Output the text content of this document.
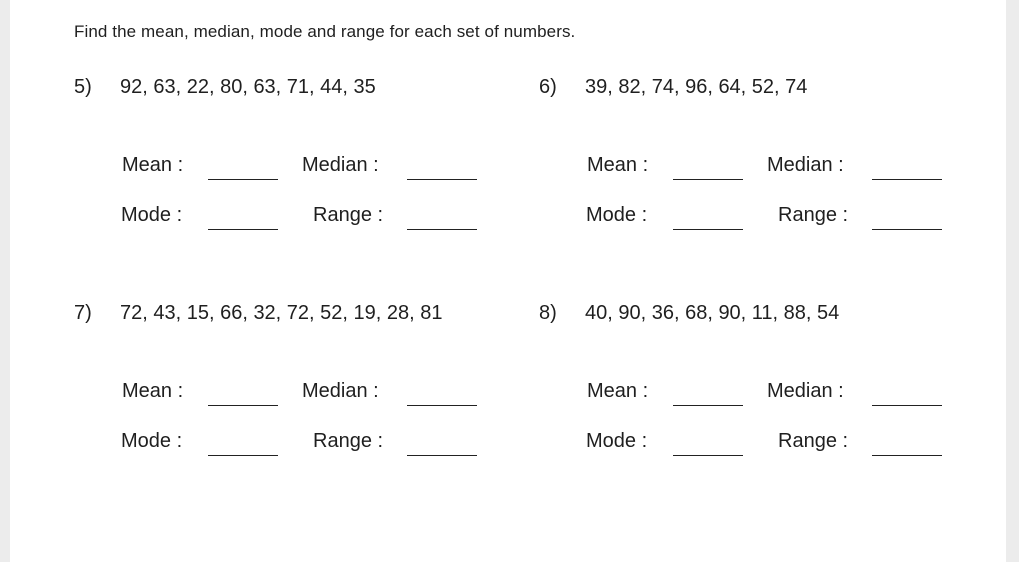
Find the mean, median, mode and range for each set of numbers.
5) 92, 63, 22, 80, 63, 71, 44, 35
Mean :	Median :
Mode :	Range :
6) 39, 82, 74, 96, 64, 52, 74
Mean :	Median :
Mode :	Range :
7) 72, 43, 15, 66, 32, 72, 52, 19, 28, 81
Mean :	Median :
Mode :	Range :
8) 40, 90, 36, 68, 90, 11, 88, 54
Mean :	Median :
Mode :	Range :
